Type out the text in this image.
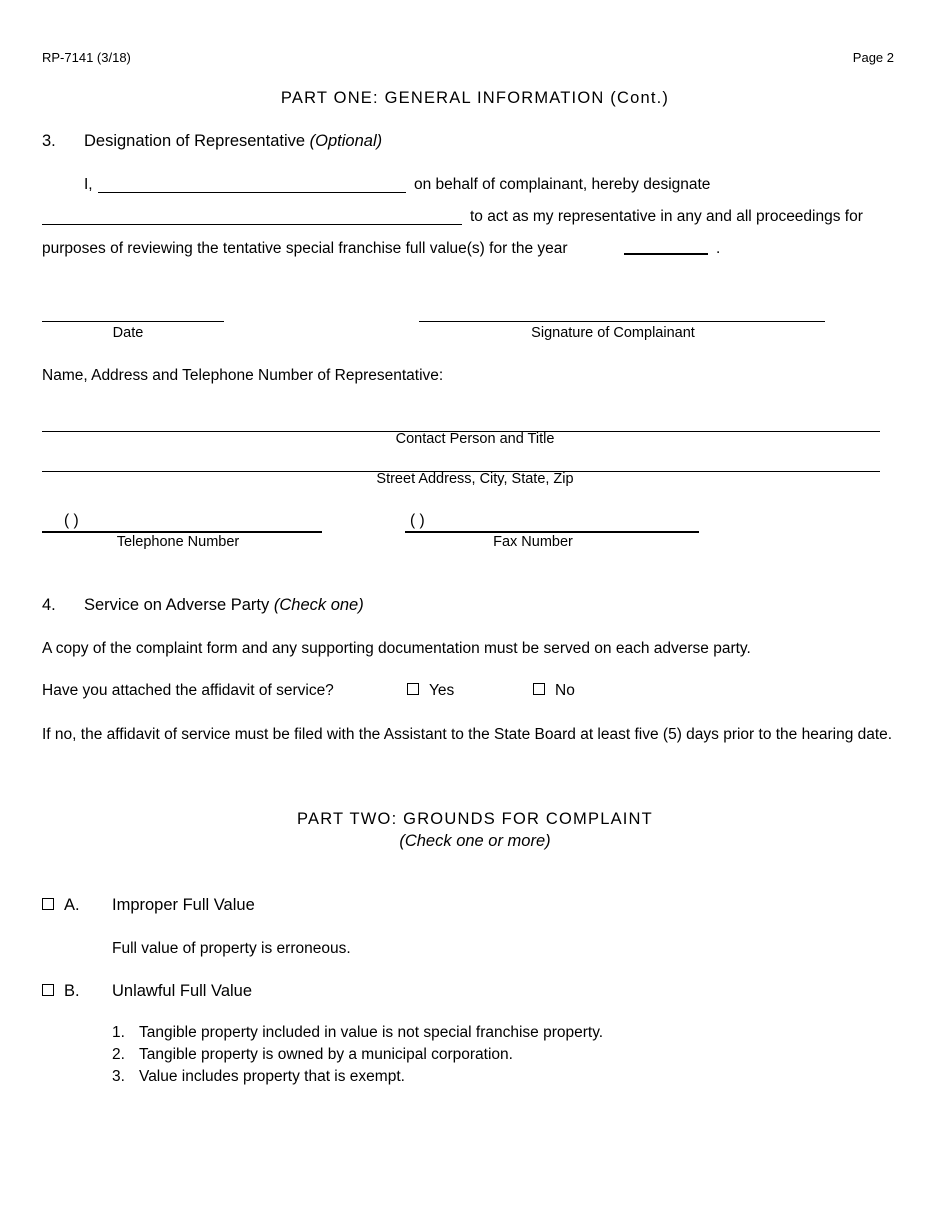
RP-7141 (3/18)	Page 2
PART ONE: GENERAL INFORMATION (Cont.)
3. Designation of Representative (Optional)
I,	on behalf of complainant, hereby designate
to act as my representative in any and all proceedings for
purposes of reviewing the tentative special franchise full value(s) for the year	.
Date	Signature of Complainant
Name, Address and Telephone Number of Representative:
Contact Person and Title
Street Address, City, State, Zip
( )
Telephone Number
( )
Fax Number
4. Service on Adverse Party (Check one)
A copy of the complaint form and any supporting documentation must be served on each adverse party.
Have you attached the affidavit of service?	Yes	No
If no, the affidavit of service must be filed with the Assistant to the State Board at least five (5) days prior to the hearing date.
PART TWO: GROUNDS FOR COMPLAINT
(Check one or more)
A. Improper Full Value
Full value of property is erroneous.
B. Unlawful Full Value
1. Tangible property included in value is not special franchise property.
2. Tangible property is owned by a municipal corporation.
3. Value includes property that is exempt.
